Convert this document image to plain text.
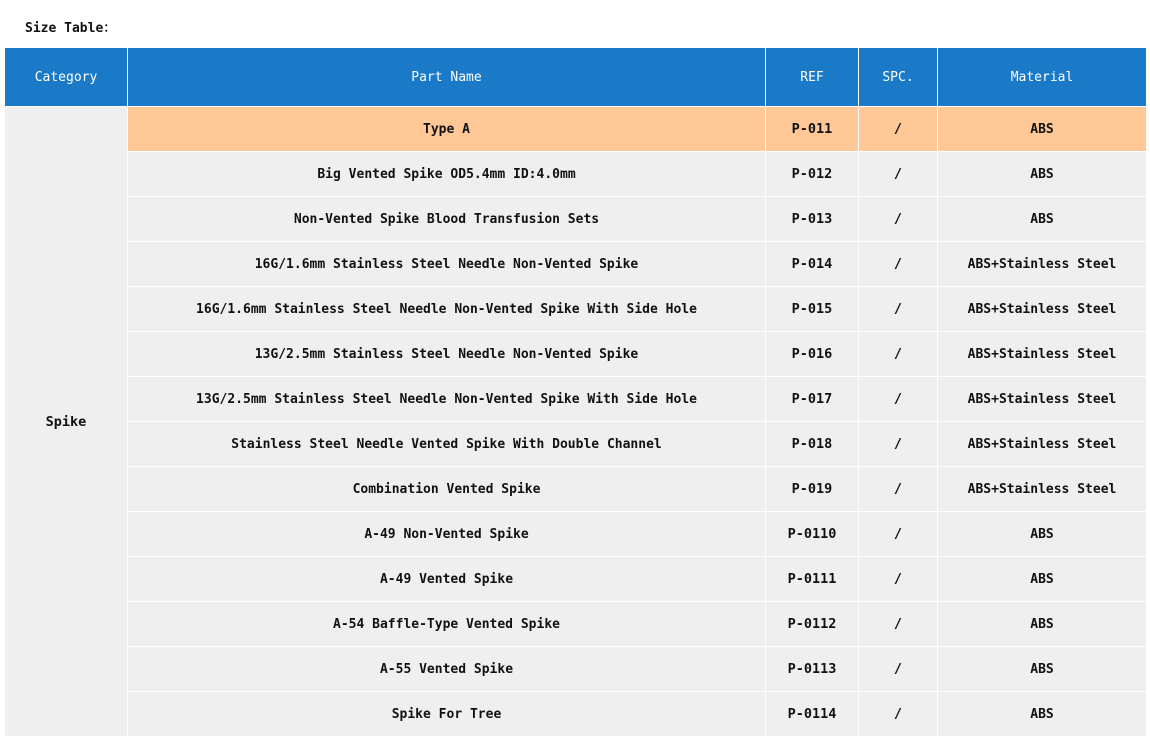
Size Table：
Category	Part Name	REF	SPC.	Material
Spike	Type A	P-011	/	ABS
	Big Vented Spike OD5.4mm ID:4.0mm	P-012	/	ABS
	Non-Vented Spike Blood Transfusion Sets	P-013	/	ABS
	16G/1.6mm Stainless Steel Needle Non-Vented Spike	P-014	/	ABS+Stainless Steel
	16G/1.6mm Stainless Steel Needle Non-Vented Spike With Side Hole	P-015	/	ABS+Stainless Steel
	13G/2.5mm Stainless Steel Needle Non-Vented Spike	P-016	/	ABS+Stainless Steel
	13G/2.5mm Stainless Steel Needle Non-Vented Spike With Side Hole	P-017	/	ABS+Stainless Steel
	Stainless Steel Needle Vented Spike With Double Channel	P-018	/	ABS+Stainless Steel
	Combination Vented Spike	P-019	/	ABS+Stainless Steel
	A-49 Non-Vented Spike	P-0110	/	ABS
	A-49 Vented Spike	P-0111	/	ABS
	A-54 Baffle-Type Vented Spike	P-0112	/	ABS
	A-55 Vented Spike	P-0113	/	ABS
	Spike For Tree	P-0114	/	ABS
